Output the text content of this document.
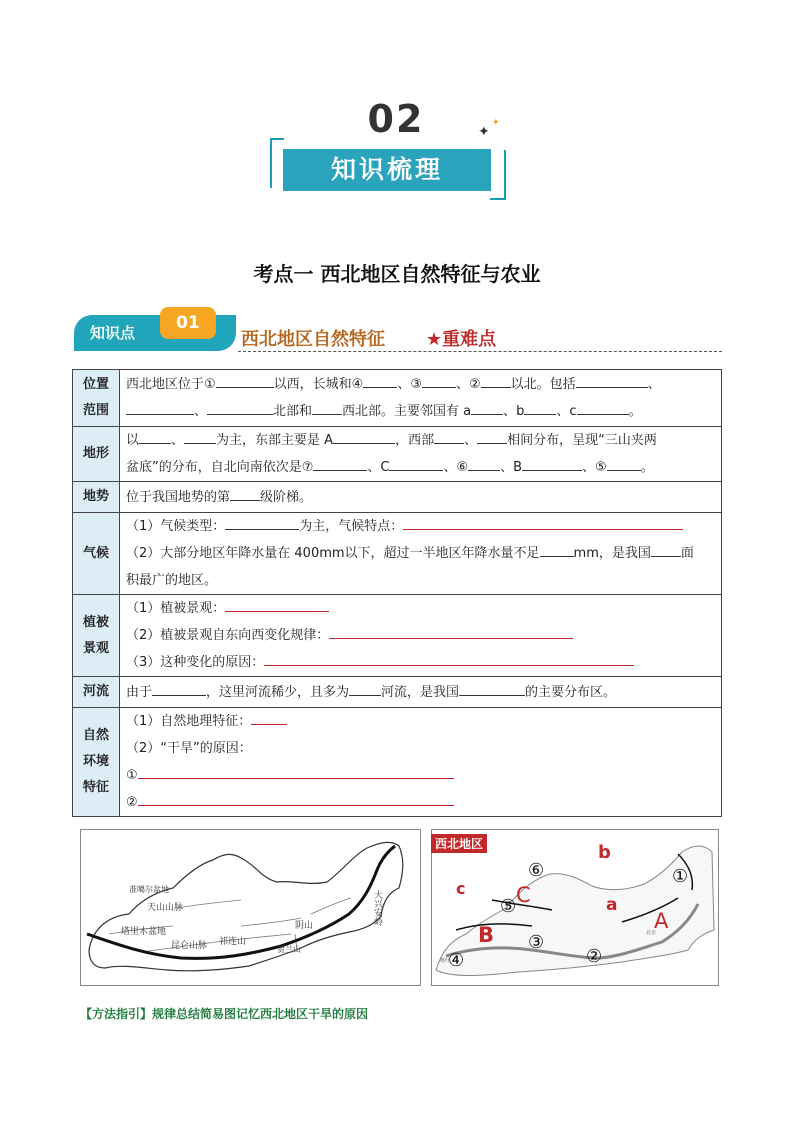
02	✦
✦
知识梳理
考点一 西北地区自然特征与农业
知识点	01
西北地区自然特征 ★重难点
位置
范围	西北地区位于① 以西，长城和④ 、③ 、② 以北。包括 、
、 北部和 西北部。主要邻国有 a 、b 、c 。
地形	以 、 为主，东部主要是 A ，西部 、 相间分布，呈现“三山夹两
盆底”的分布，自北向南依次是⑦ 、C 、⑥ 、B 、⑤ 。
地势	位于我国地势的第 级阶梯。
气候	（1）气候类型： 为主，气候特点：
（2）大部分地区年降水量在 400mm以下，超过一半地区年降水量不足 mm，是我国 面
积最广的地区。
植被
景观	（1）植被景观：
（2）植被景观自东向西变化规律：
（3）这种变化的原因：
河流	由于 ，这里河流稀少，且多为 河流，是我国 的主要分布区。
自然
环境
特征	（1）自然地理特征：
（2）“干旱”的原因：
①
②
准噶尔盆地
天山山脉
塔里木盆地
昆仑山脉 祁连山
阴山	大兴安岭
贺兰山
北京
喀什
b
c
a
A
B
C
①
②
③
④
⑤
⑥
西北地区
【方法指引】规律总结简易图记忆西北地区干旱的原因
